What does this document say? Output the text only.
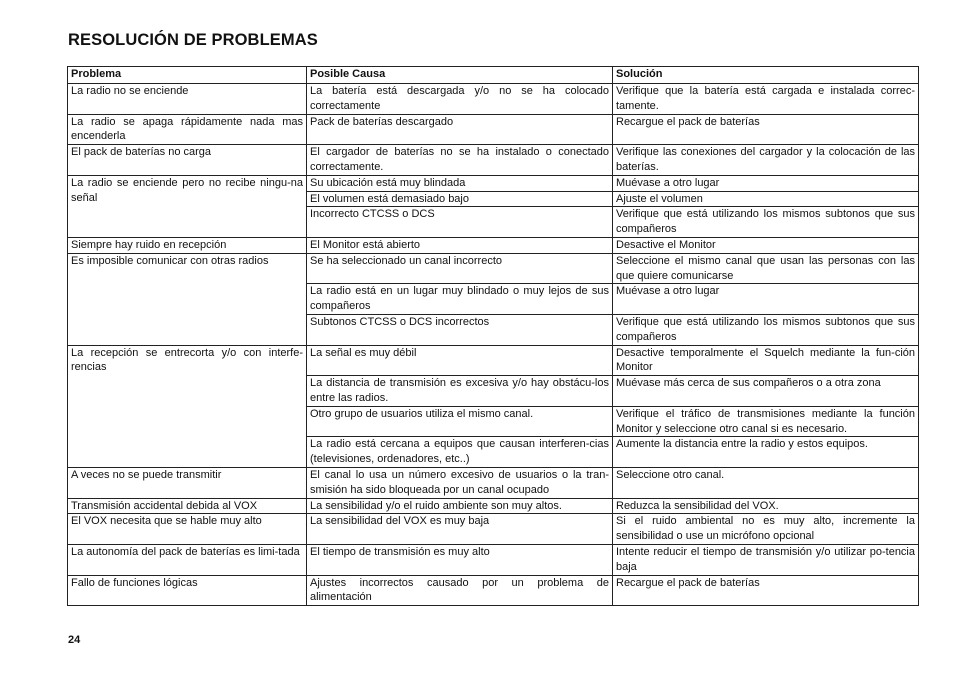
RESOLUCIÓN DE PROBLEMAS
Problema	Posible Causa	Solución
La radio no se enciende	La batería está descargada y/o no se ha colocado correctamente	Verifique que la batería está cargada e instalada correc-tamente.
La radio se apaga rápidamente nada mas encenderla	Pack de baterías descargado	Recargue el pack de baterías
El pack de baterías no carga	El cargador de baterías no se ha instalado o conectado correctamente.	Verifique las conexiones del cargador y la colocación de las baterías.
La radio se enciende pero no recibe ningu-na señal	Su ubicación está muy blindada	Muévase a otro lugar
	El volumen está demasiado bajo	Ajuste el volumen
	Incorrecto CTCSS o DCS	Verifique que está utilizando los mismos subtonos que sus compañeros
Siempre hay ruido en recepción	El Monitor está abierto	Desactive el Monitor
Es imposible comunicar con otras radios	Se ha seleccionado un canal incorrecto	Seleccione el mismo canal que usan las personas con las que quiere comunicarse
	La radio está en un lugar muy blindado o muy lejos de sus compañeros	Muévase a otro lugar
	Subtonos CTCSS o DCS incorrectos	Verifique que está utilizando los mismos subtonos que sus compañeros
La recepción se entrecorta y/o con interfe-rencias	La señal es muy débil	Desactive temporalmente el Squelch mediante la fun-ción Monitor
	La distancia de transmisión es excesiva y/o hay obstácu-los entre las radios.	Muévase más cerca de sus compañeros o a otra zona
	Otro grupo de usuarios utiliza el mismo canal.	Verifique el tráfico de transmisiones mediante la función Monitor y seleccione otro canal si es necesario.
	La radio está cercana a equipos que causan interferen-cias (televisiones, ordenadores, etc..)	Aumente la distancia entre la radio y estos equipos.
A veces no se puede transmitir	El canal lo usa un número excesivo de usuarios o la tran-smisión ha sido bloqueada por un canal ocupado	Seleccione otro canal.
Transmisión accidental debida al VOX	La sensibilidad y/o el ruido ambiente son muy altos.	Reduzca la sensibilidad del VOX.
El VOX necesita que se hable muy alto	La sensibilidad del VOX es muy baja	Si el ruido ambiental no es muy alto, incremente la sensibilidad o use un micrófono opcional
La autonomía del pack de baterías es limi-tada	El tiempo de transmisión es muy alto	Intente reducir el tiempo de transmisión y/o utilizar po-tencia baja
Fallo de funciones lógicas	Ajustes incorrectos causado por un problema de alimentación	Recargue el pack de baterías
24
